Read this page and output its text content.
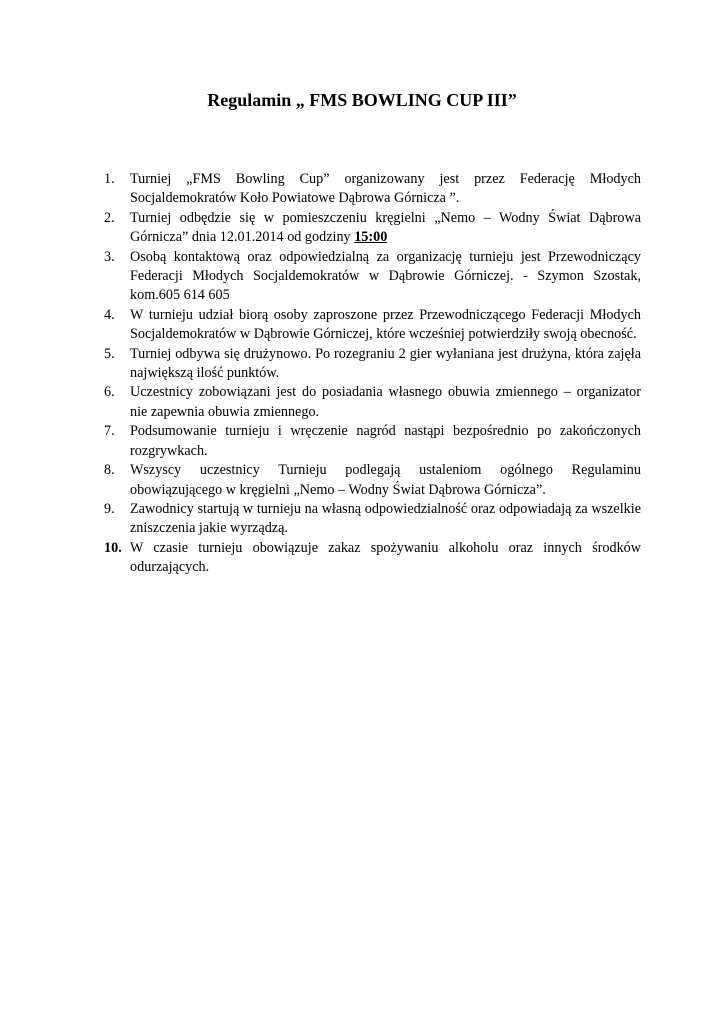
Regulamin „ FMS BOWLING CUP III”
1.	Turniej „FMS Bowling Cup” organizowany jest przez Federację Młodych Socjaldemokratów Koło Powiatowe Dąbrowa Górnicza ”.
2.	Turniej odbędzie się w pomieszczeniu kręgielni „Nemo – Wodny Świat Dąbrowa Górnicza” dnia 12.01.2014 od godziny 15:00
3.	Osobą kontaktową oraz odpowiedzialną za organizację turnieju jest Przewodniczący Federacji Młodych Socjaldemokratów w Dąbrowie Górniczej. - Szymon Szostak, kom.605 614 605
4.	W turnieju udział biorą osoby zaproszone przez Przewodniczącego Federacji Młodych Socjaldemokratów w Dąbrowie Górniczej, które wcześniej potwierdziły swoją obecność.
5.	Turniej odbywa się drużynowo. Po rozegraniu 2 gier wyłaniana jest drużyna, która zajęła największą ilość punktów.
6.	Uczestnicy zobowiązani jest do posiadania własnego obuwia zmiennego – organizator nie zapewnia obuwia zmiennego.
7.	Podsumowanie turnieju i wręczenie nagród nastąpi bezpośrednio po zakończonych rozgrywkach.
8.	Wszyscy uczestnicy Turnieju podlegają ustaleniom ogólnego Regulaminu obowiązującego w kręgielni „Nemo – Wodny Świat Dąbrowa Górnicza”.
9.	Zawodnicy startują w turnieju na własną odpowiedzialność oraz odpowiadają za wszelkie zniszczenia jakie wyrządzą.
10. W czasie turnieju obowiązuje zakaz spożywaniu alkoholu oraz innych środków odurzających.
